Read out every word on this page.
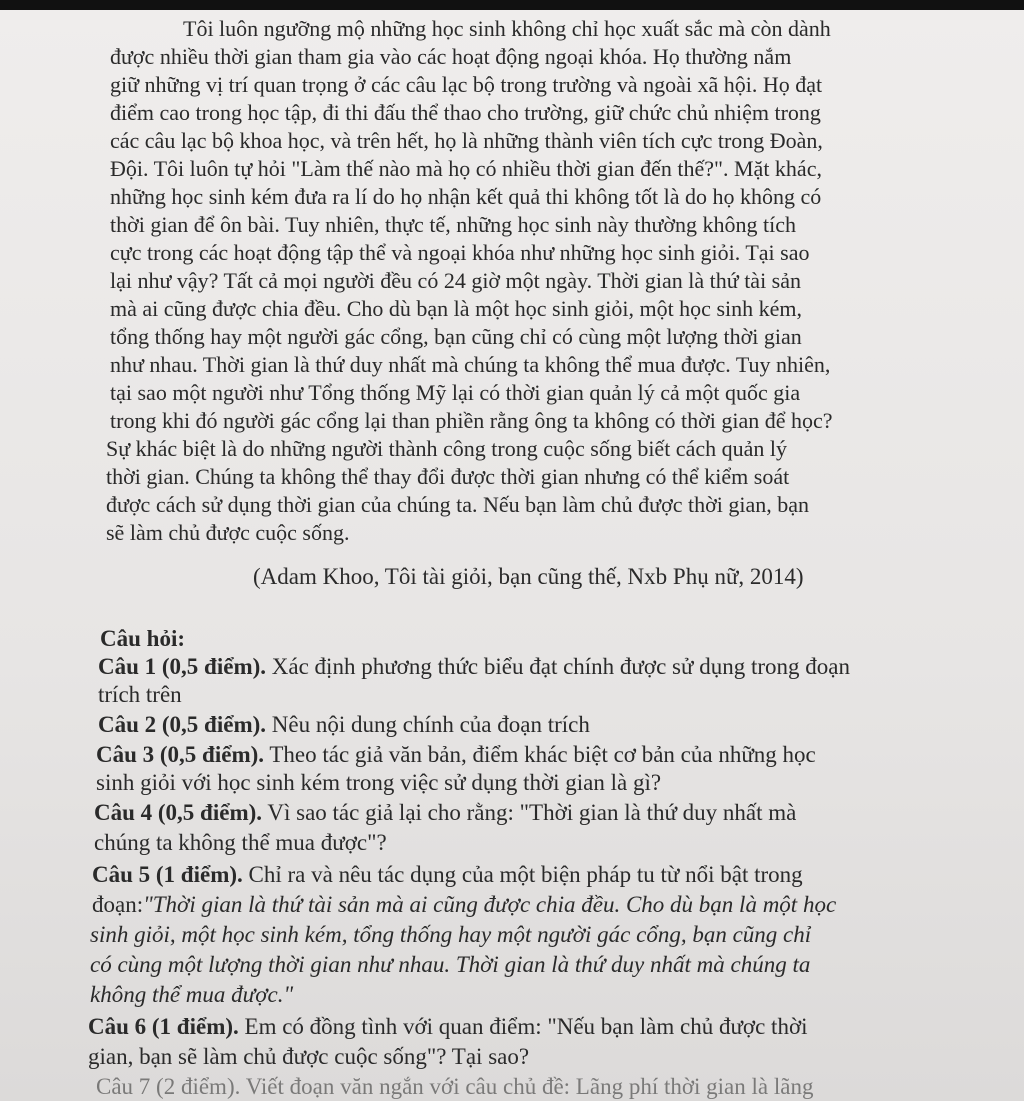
Tôi luôn ngưỡng mộ những học sinh không chỉ học xuất sắc mà còn dành
được nhiều thời gian tham gia vào các hoạt động ngoại khóa. Họ thường nắm
giữ những vị trí quan trọng ở các câu lạc bộ trong trường và ngoài xã hội. Họ đạt
điểm cao trong học tập, đi thi đấu thể thao cho trường, giữ chức chủ nhiệm trong
các câu lạc bộ khoa học, và trên hết, họ là những thành viên tích cực trong Đoàn,
Đội. Tôi luôn tự hỏi "Làm thế nào mà họ có nhiều thời gian đến thế?". Mặt khác,
những học sinh kém đưa ra lí do họ nhận kết quả thi không tốt là do họ không có
thời gian để ôn bài. Tuy nhiên, thực tế, những học sinh này thường không tích
cực trong các hoạt động tập thể và ngoại khóa như những học sinh giỏi. Tại sao
lại như vậy? Tất cả mọi người đều có 24 giờ một ngày. Thời gian là thứ tài sản
mà ai cũng được chia đều. Cho dù bạn là một học sinh giỏi, một học sinh kém,
tổng thống hay một người gác cổng, bạn cũng chỉ có cùng một lượng thời gian
như nhau. Thời gian là thứ duy nhất mà chúng ta không thể mua được. Tuy nhiên,
tại sao một người như Tổng thống Mỹ lại có thời gian quản lý cả một quốc gia
trong khi đó người gác cổng lại than phiền rằng ông ta không có thời gian để học?
Sự khác biệt là do những người thành công trong cuộc sống biết cách quản lý
thời gian. Chúng ta không thể thay đổi được thời gian nhưng có thể kiểm soát
được cách sử dụng thời gian của chúng ta. Nếu bạn làm chủ được thời gian, bạn
sẽ làm chủ được cuộc sống.
(Adam Khoo, Tôi tài giỏi, bạn cũng thế, Nxb Phụ nữ, 2014)
Câu hỏi:
Câu 1 (0,5 điểm). Xác định phương thức biểu đạt chính được sử dụng trong đoạn
trích trên
Câu 2 (0,5 điểm). Nêu nội dung chính của đoạn trích
Câu 3 (0,5 điểm). Theo tác giả văn bản, điểm khác biệt cơ bản của những học
sinh giỏi với học sinh kém trong việc sử dụng thời gian là gì?
Câu 4 (0,5 điểm). Vì sao tác giả lại cho rằng: "Thời gian là thứ duy nhất mà
chúng ta không thể mua được"?
Câu 5 (1 điểm). Chỉ ra và nêu tác dụng của một biện pháp tu từ nổi bật trong
đoạn:"Thời gian là thứ tài sản mà ai cũng được chia đều. Cho dù bạn là một học
sinh giỏi, một học sinh kém, tổng thống hay một người gác cổng, bạn cũng chỉ
có cùng một lượng thời gian như nhau. Thời gian là thứ duy nhất mà chúng ta
không thể mua được."
Câu 6 (1 điểm). Em có đồng tình với quan điểm: "Nếu bạn làm chủ được thời
gian, bạn sẽ làm chủ được cuộc sống"? Tại sao?
Câu 7 (2 điểm). Viết đoạn văn ngắn với câu chủ đề: Lãng phí thời gian là lãng
